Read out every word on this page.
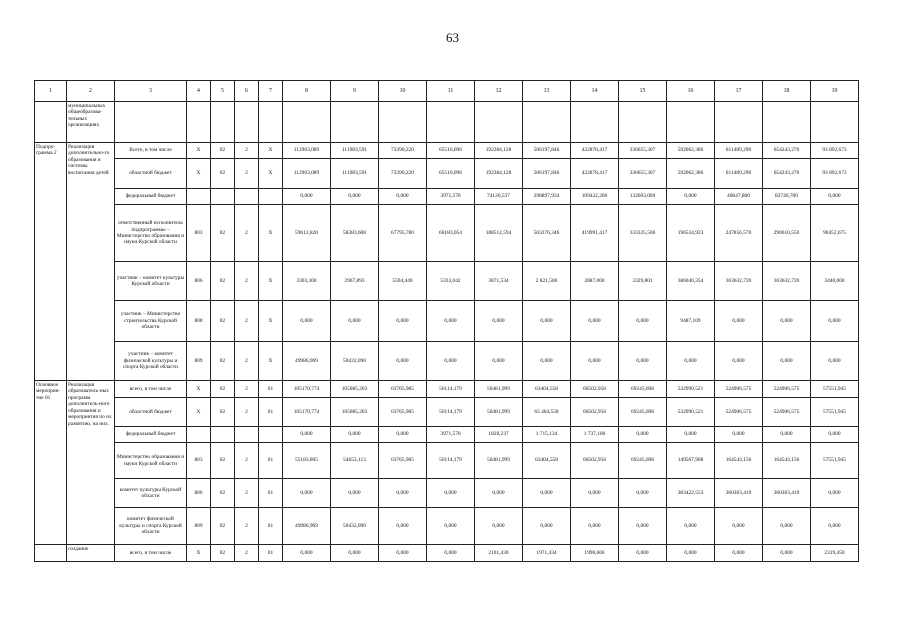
63
1	2	3	4	5	6	7	8	9	10	11	12	13	14	15	16	17	18	19
	муниципальных общеобразова-тельных организациях																	
Подпро-грамма 2	Реализация дополнительно-го образования и системы воспитания детей	Всего, в том числе	Х	02	2	Х	112903,089	111983,591	73390,220	65516,096	192384,128	506197,846	422878,417	336655,307	592062,386	611489,290	654243,270	93 892,673
		областной бюджет	Х	02	2	Х	112903,089	111983,591	73390,220	65516,096	192384,128	506197,846	422878,417	336655,307	592062,386	611489,290	654243,270	93 892,673
		федеральный бюджет					0,000	0,000	0,000	3971,570	74120,537	298897,934	109432,200	132603,009	0,000	40847,800	82746,700	0,000
		ответственный исполнитель подпрограммы – Министерство образования и науки Курской области	803	02	2	Х	59612,820	58383,608	67795,780	60183,054	188512,594	503376,346	419991,417	333325,506	196534,923	247856,570	290610,550	90452,675
		участник – комитет культуры Курской области	806	02	2	Х	3303,300	2967,893	5594,440	5333,042	3871,534	2 821,500	2887,000	3329,801	386040,354	363632,720	363632,720	3440,000
		участник – Министерство строительства Курской области	808	02	2	Х	0,000	0,000	0,000	0,000	0,000	0,000	0,000	0,000	9487,109	0,000	0,000	0,000
		участник – комитет физической культуры и спорта Курской области	809	02	2	Х	49986,969	50432,090	0,000	0,000	0,000	0,000	0,000	0,000	0,000	0,000	0,000	0,000
Основное мероприя-тие 01	Реализация образователь-ных программ дополнитель-ного образования и мероприятия по их развитию, на них.	всего, в том числе	Х	02	2	01	105170,774	105085,203	63765,985	56114,179	56481,999	63404,558	66502,958	69245,698	532990,521	524906,575	524906,575	57551,945
		областной бюджет	Х	02	2	01	105170,774	105085,203	63765,985	56114,179	56481,999	63 404,558	66502,958	69245,698	532990,521	524906,575	524906,575	57551,945
		федеральный бюджет					0,000	0,000	0,000	3971,570	1828,237	1 715,134	1 737,100	0,000	0,000	0,000	0,000	0,000
		Министерство образования и науки Курской области	803	02	2	01	55183,805	54653,113	63765,985	56114,179	56481,999	63404,558	66502,958	69245,698	149567,968	164543,156	164543,156	57551,945
		комитет культуры Курской области	806	02	2	01	0,000	0,000	0,000	0,000	0,000	0,000	0,000	0,000	383422,553	360363,419	360363,419	0,000
		комитет физической культуры и спорта Курской области	809	02	2	01	49986,969	50432,090	0,000	0,000	0,000	0,000	0,000	0,000	0,000	0,000	0,000	0,000
	создание	всего, в том числе	Х	02	2	01	0,000	0,000	0,000	0,000	2101,430	1971,434	1996,666	0,000	0,000	0,000	0,000	2319,450
